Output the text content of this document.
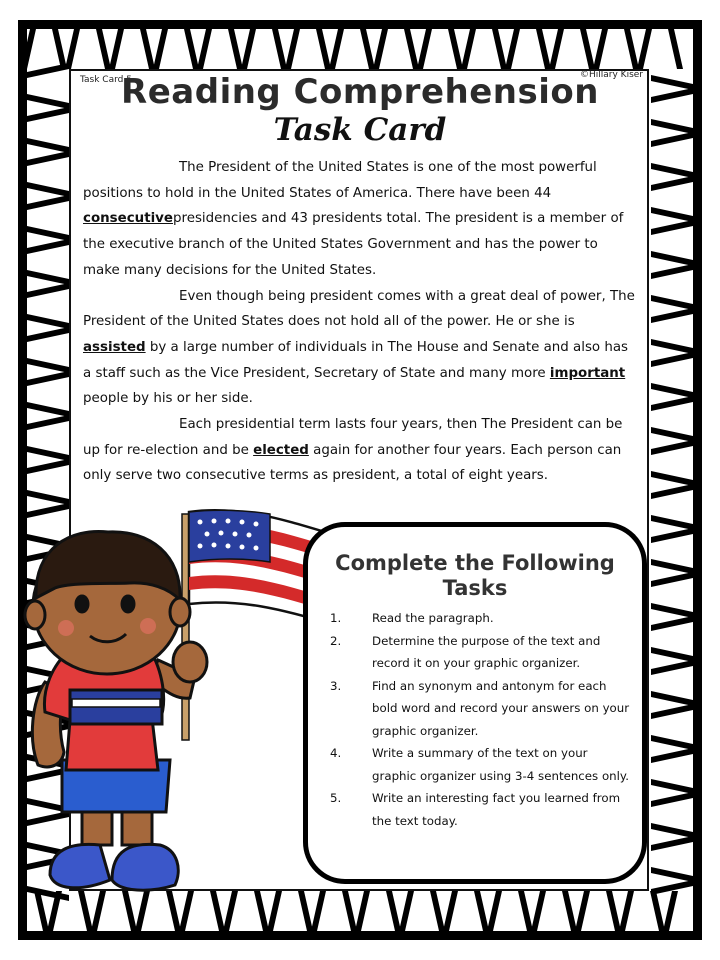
Task Card 5	©Hillary Kiser
Reading Comprehension
Task Card

The President of the United States is one of the most powerful positions to hold in the United States of America. There have been 44 consecutivepresidencies and 43 presidents total. The president is a member of the executive branch of the United States Government and has the power to make many decisions for the United States.

Even though being president comes with a great deal of power, The President of the United States does not hold all of the power. He or she is assisted by a large number of individuals in The House and Senate and also has a staff such as the Vice President, Secretary of State and many more important people by his or her side.

Each presidential term lasts four years, then The President can be up for re-election and be elected again for another four years. Each person can only serve two consecutive terms as president, a total of eight years.

Complete the Following
Tasks
1.	Read the paragraph.
2.	Determine the purpose of the text and record it on your graphic organizer.
3.	Find an synonym and antonym for each bold word and record your answers on your graphic organizer.
4.	Write a summary of the text on your graphic organizer using 3-4 sentences only.
5.	Write an interesting fact you learned from the text today.
